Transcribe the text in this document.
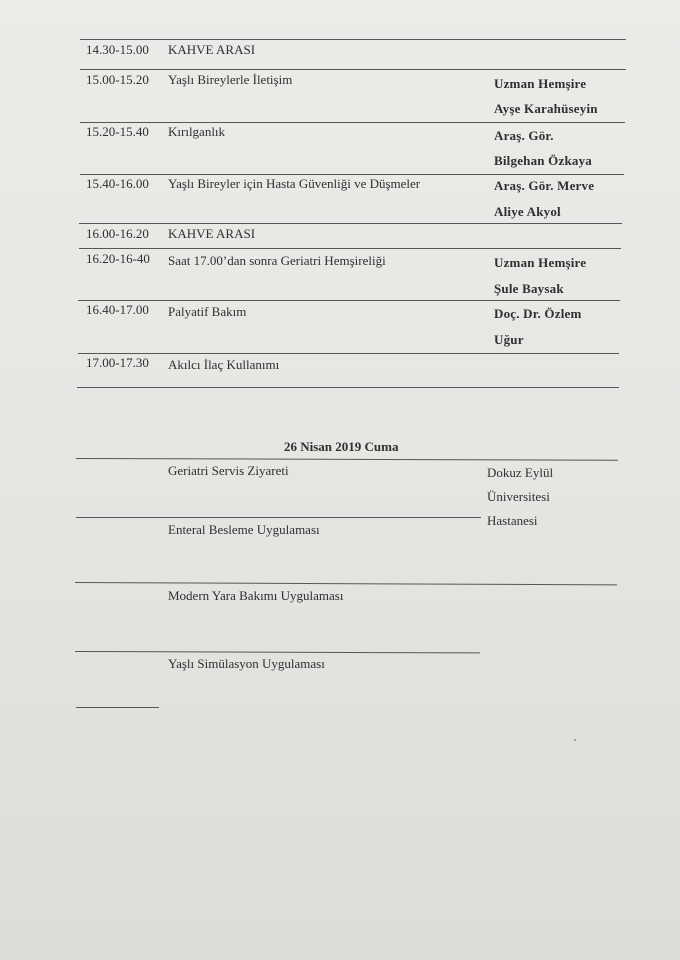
14.30-15.00 KAHVE ARASI
15.00-15.20 Yaşlı Bireylerle İletişim	Uzman Hemşire
Ayşe Karahüseyin
15.20-15.40 Kırılganlık	Araş. Gör.
Bilgehan Özkaya
15.40-16.00 Yaşlı Bireyler için Hasta Güvenliği ve Düşmeler	Araş. Gör. Merve
Aliye Akyol
16.00-16.20 KAHVE ARASI
16.20-16-40 Saat 17.00’dan sonra Geriatri Hemşireliği	Uzman Hemşire
Şule Baysak
16.40-17.00 Palyatif Bakım	Doç. Dr. Özlem
Uğur
17.00-17.30 Akılcı İlaç Kullanımı
26 Nisan 2019 Cuma
Geriatri Servis Ziyareti	Dokuz Eylül
Üniversitesi
Hastanesi
Enteral Besleme Uygulaması
Modern Yara Bakımı Uygulaması
Yaşlı Simülasyon Uygulaması
